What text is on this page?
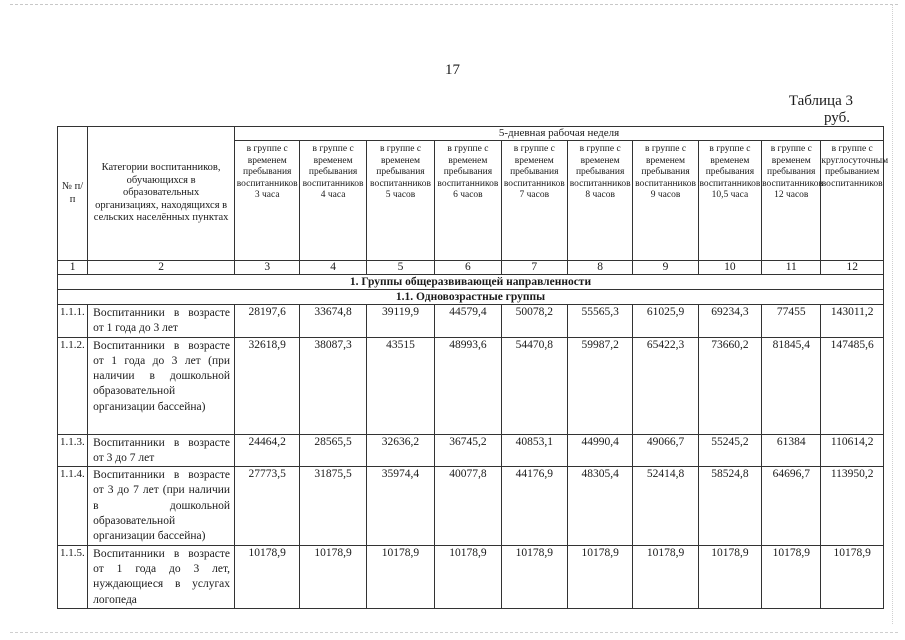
17
Таблица 3
руб.
№ п/п	Категории воспитанников, обучающихся в образовательных организациях, находящихся в сельских населённых пунктах	5-дневная рабочая неделя									
		в группе с временем пребывания воспитанников 3 часа	в группе с временем пребывания воспитанников 4 часа	в группе с временем пребывания воспитанников 5 часов	в группе с временем пребывания воспитанников 6 часов	в группе с временем пребывания воспитанников 7 часов	в группе с временем пребывания воспитанников 8 часов	в группе с временем пребывания воспитанников 9 часов	в группе с временем пребывания воспитанников 10,5 часа	в группе с временем пребывания воспитанников 12 часов	в группе с круглосуточным пребыванием воспитанников
1	2	3	4	5	6	7	8	9	10	11	12
1. Группы общеразвивающей направленности											
1.1. Одновозрастные группы											
1.1.1.	Воспитанники в возрасте от 1 года до 3 лет	28197,6	33674,8	39119,9	44579,4	50078,2	55565,3	61025,9	69234,3	77455	143011,2
1.1.2.	Воспитанники в возрасте от 1 года до 3 лет (при наличии в дошкольной образовательной организации бассейна)	32618,9	38087,3	43515	48993,6	54470,8	59987,2	65422,3	73660,2	81845,4	147485,6
1.1.3.	Воспитанники в возрасте от 3 до 7 лет	24464,2	28565,5	32636,2	36745,2	40853,1	44990,4	49066,7	55245,2	61384	110614,2
1.1.4.	Воспитанники в возрасте от 3 до 7 лет (при наличии в дошкольной образовательной организации бассейна)	27773,5	31875,5	35974,4	40077,8	44176,9	48305,4	52414,8	58524,8	64696,7	113950,2
1.1.5.	Воспитанники в возрасте от 1 года до 3 лет, нуждающиеся в услугах логопеда	10178,9	10178,9	10178,9	10178,9	10178,9	10178,9	10178,9	10178,9	10178,9	10178,9
